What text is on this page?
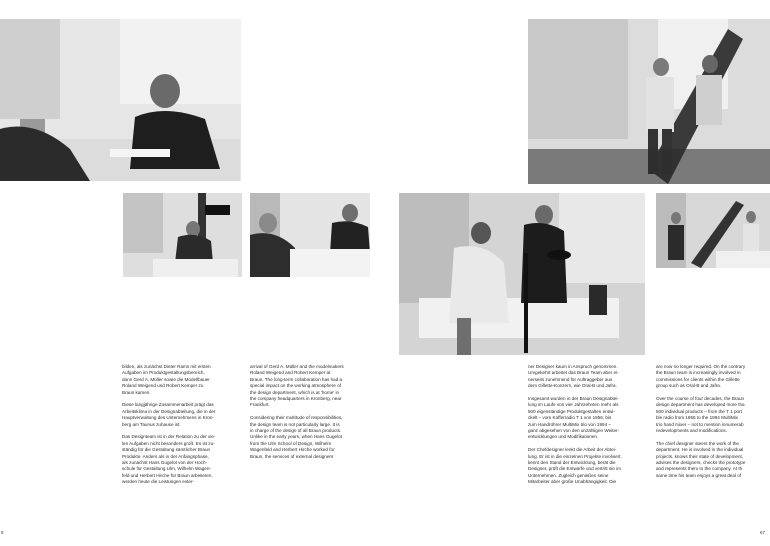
bilden, als zunächst Dieter Rams mit ersten
Aufgaben im Produktgestaltungsbereich,
dann Gerd A. Müller sowie die Modellbauer
Roland Weigend und Robert Kemper zu
Braun kamen.

Diese langjährige Zusammenarbeit prägt das
Arbeitsklima in der Designabteilung, die in der
Hauptverwaltung des Unternehmens in Kron-
berg am Taunus zuhause ist.

Das Designteam ist in der Relation zu der vie-
len Aufgaben nicht besonders groß. Es ist zu-
ständig für die Gestaltung sämtlicher Braun
Produkte. Anders als in der Anfangsphase,
als zunächst Hans Gugelot von der Hoch-
schule für Gestaltung Ulm, Wilhelm Wagen-
feld und Herbert Hirche für Braun arbeiteten,
werden heute die Leistungen exter-

arrival of Gerd A. Müller and the modelmakers
Roland Weigend and Robert Kemper at
Braun. The long-term collaboration has had a
special impact on the working atmosphere of
the design department, which is at 'home' in
the company headquarters in Kronberg, near
Frankfurt.

Considering their multitude of responsibilities,
the design team is not particularly large. It is
in charge of the design of all Braun products.
Unlike in the early years, when Hans Gugelot
from the Ulm School of Design, Wilhelm
Wagenfeld and Herbert Hirche worked for
Braun, the services of external designers

ner Designer kaum in Anspruch genommen.
Umgekehrt arbeitet das Braun Team aber ei-
nerseits zunehmend für Auftraggeber aus
dem Gillette-Konzern, wie Oral-B und Jafra.

Insgesamt wurden in der Braun Designabtei-
lung im Laufe von vier Jahrzehnten mehr als
500 eigenständige Produktgestalten entwi-
ckelt – vom Kofferradio T 1 von 1956, bis
zum Handrührer MultiMix trio von 1994 –
ganz abgesehen von den unzähligen Weiter-
entwicklungen und Modifikationen.

Der Chefdesigner lenkt die Arbeit der Abtei-
lung. Er ist in die einzelnen Projekte involviert,
kennt den Stand der Entwicklung, berät die
Designer, prüft die Entwürfe und vertritt sie im
Unternehmen. Zugleich genießen seine
Mitarbeiter aber große Unabhängigkeit. Die

are now no longer required. On the contrary
the Braun team is increasingly involved in
commissions for clients within the Gillette
group such as Oral-B and Jafra.

Over the course of four decades, the Braun
design department has developed more tha
500 individual products – from the T 1 port
ble radio from 1956 to the 1994 MultiMix
trio hand mixer – not to mention innumerab
redevelopments and modifications.

The chief designer steers the work of the
department. He is involved in the individual
projects, knows their state of development,
advises the designers, checks the prototype
and represents them to the company. At th
same time his team enjoys a great deal of

6	67
